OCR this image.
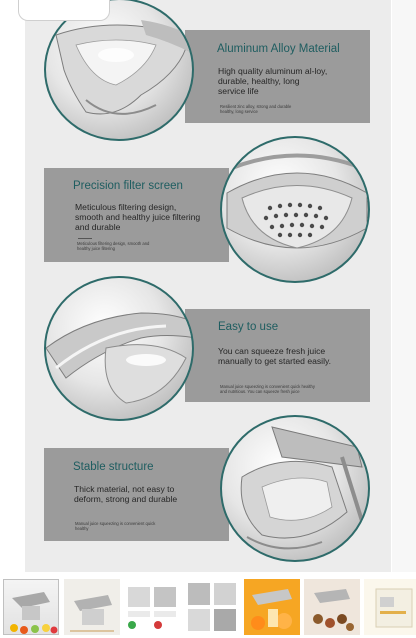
Aluminum Alloy Material
High quality aluminum al-loy, durable, healthy, long service life
Resilient zinc alloy, strong and durable healthy, long service
Precision filter screen
Meticulous filtering design, smooth and healthy juice filtering and durable
Meticulous filtering design, smooth and healthy juice filtering
Easy to use
You can squeeze fresh juice manually to get started easily.
Manual juice squeezing is convenient quick healthy and nutritious. You can squeeze fresh juice
Stable structure
Thick material, not easy to deform, strong and durable
Manual juice squeezing is convenient quick healthy
